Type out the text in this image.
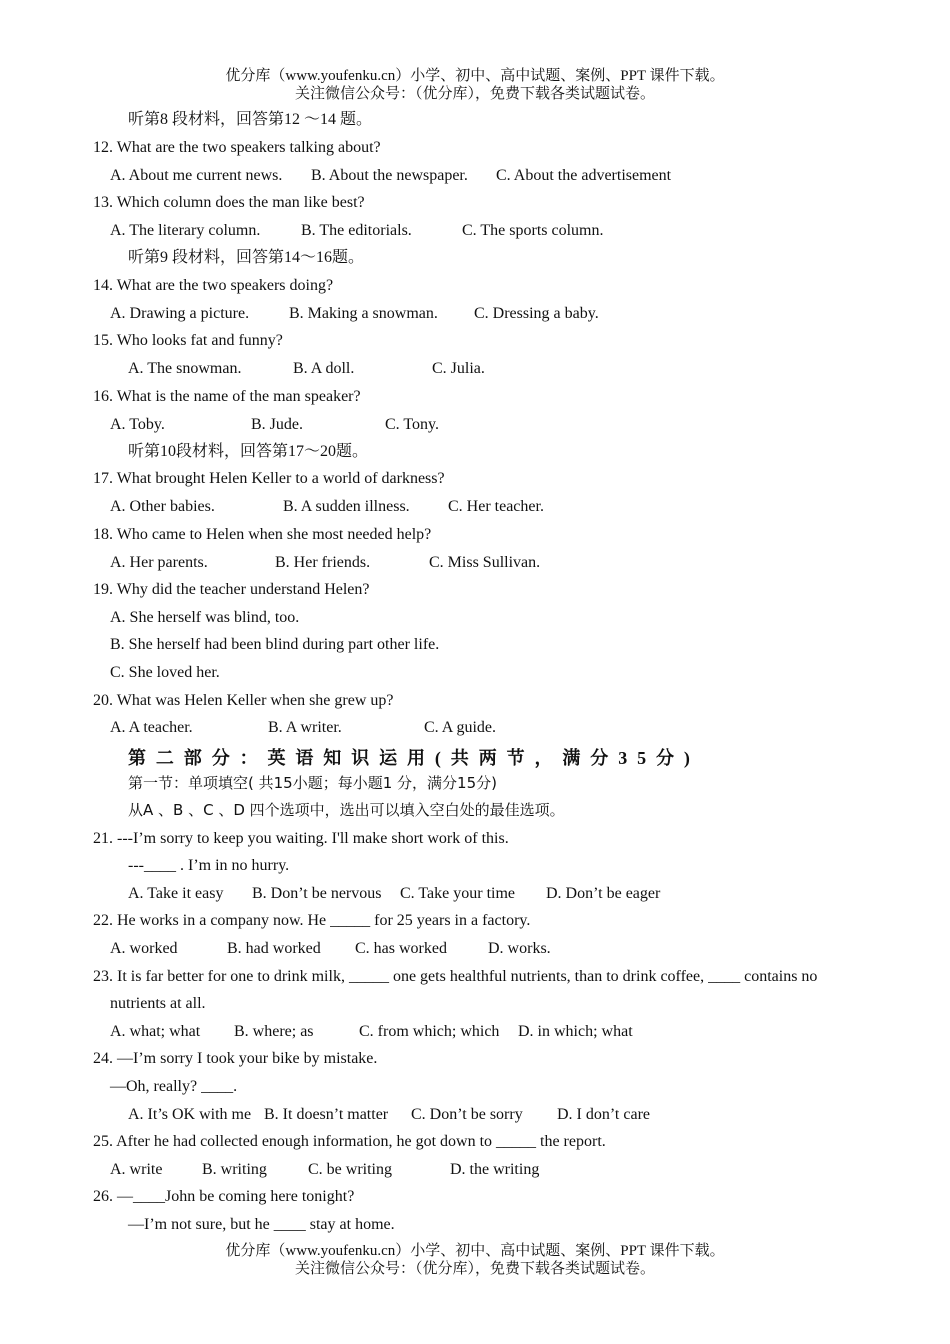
优分库（www.youfenku.cn）小学、初中、高中试题、案例、PPT 课件下载。
关注微信公众号：（优分库），免费下载各类试题试卷。
听第8 段材料，回答第12 ～14 题。
12. What are the two speakers talking about?
A. About me current news. B. About the newspaper. C. About the advertisement
13. Which column does the man like best?
A. The literary column.	B. The editorials.	C. The sports column.
听第9 段材料，回答第14～16题。
14. What are the two speakers doing?
A. Drawing a picture. B. Making a snowman. C. Dressing a baby.
15. Who looks fat and funny?
A. The snowman.	B. A doll.	C. Julia.
16. What is the name of the man speaker?
A. Toby.	B. Jude.	C. Tony.
听第10段材料，回答第17～20题。
17. What brought Helen Keller to a world of darkness?
A. Other babies.	B. A sudden illness. C. Her teacher.
18. Who came to Helen when she most needed help?
A. Her parents.	B. Her friends.	C. Miss Sullivan.
19. Why did the teacher understand Helen?
A. She herself was blind, too.
B. She herself had been blind during part other life.
C. She loved her.
20. What was Helen Keller when she grew up?
A. A teacher.	B. A writer.	C. A guide.
第二部分：英语知识运用(共两节，满分35分)
第一节：单项填空( 共15小题；每小题1 分，满分15分)
从A 、B 、C 、D 四个选项中，选出可以填入空白处的最佳选项。
21. ---I’m sorry to keep you waiting. I'll make short work of this.
---____ . I’m in no hurry.
A. Take it easy B. Don’t be nervous C. Take your time D. Don’t be eager
22. He works in a company now. He _____ for 25 years in a factory.
A. worked	B. had worked C. has worked	D. works.
23. It is far better for one to drink milk, _____ one gets healthful nutrients, than to drink coffee, ____ contains no
nutrients at all.
A. what; what B. where; as	C. from which; which D. in which; what
24. —I’m sorry I took your bike by mistake.
—Oh, really? ____.
A. It’s OK with me B. It doesn’t matter C. Don’t be sorry D. I don’t care
25. After he had collected enough information, he got down to _____ the report.
A. write B. writing	C. be writing	D. the writing
26. —____John be coming here tonight?
—I’m not sure, but he ____ stay at home.
优分库（www.youfenku.cn）小学、初中、高中试题、案例、PPT 课件下载。
关注微信公众号：（优分库），免费下载各类试题试卷。
